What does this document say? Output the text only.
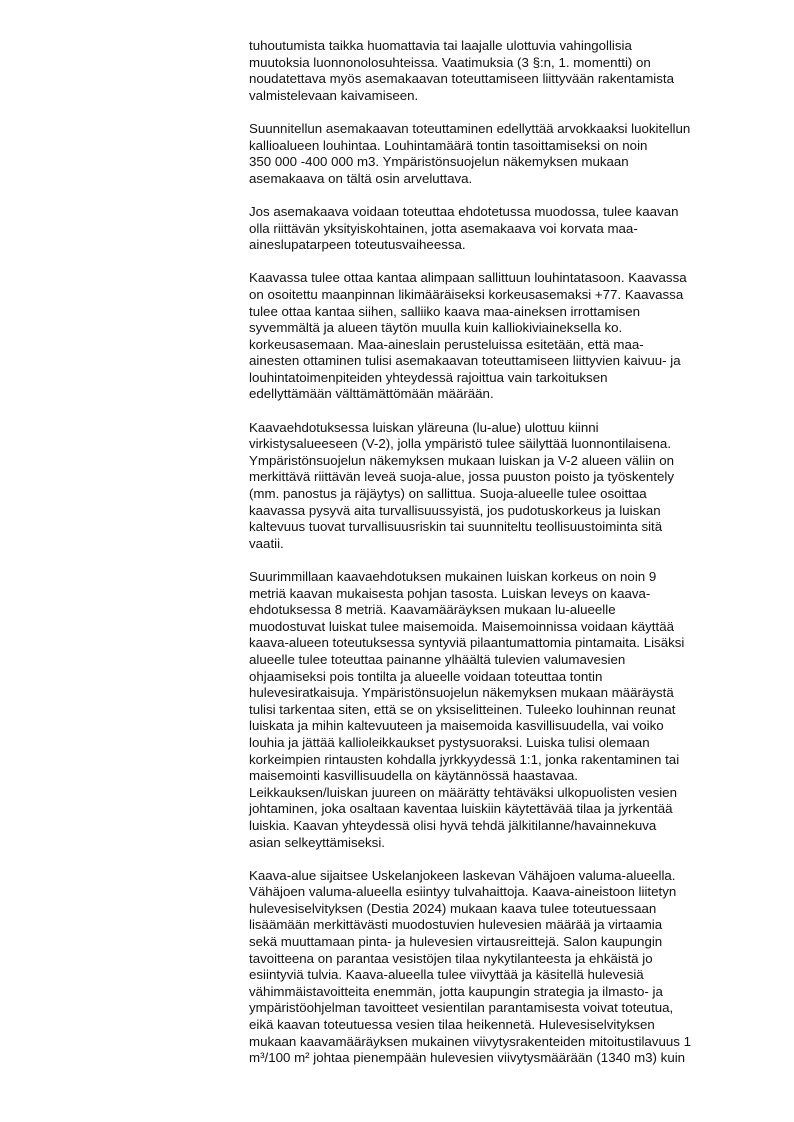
tuhoutumista taikka huomattavia tai laajalle ulottuvia vahingollisia
muutoksia luonnonolosuhteissa. Vaatimuksia (3 §:n, 1. momentti) on
noudatettava myös asemakaavan toteuttamiseen liittyvään rakentamista
valmistelevaan kaivamiseen.
Suunnitellun asemakaavan toteuttaminen edellyttää arvokkaaksi luokitellun
kallioalueen louhintaa. Louhintamäärä tontin tasoittamiseksi on noin
350 000 -400 000 m3. Ympäristönsuojelun näkemyksen mukaan
asemakaava on tältä osin arveluttava.
Jos asemakaava voidaan toteuttaa ehdotetussa muodossa, tulee kaavan
olla riittävän yksityiskohtainen, jotta asemakaava voi korvata maa-
aineslupatarpeen toteutusvaiheessa.
Kaavassa tulee ottaa kantaa alimpaan sallittuun louhintatasoon. Kaavassa
on osoitettu maanpinnan likimääräiseksi korkeusasemaksi +77. Kaavassa
tulee ottaa kantaa siihen, salliiko kaava maa-aineksen irrottamisen
syvemmältä ja alueen täytön muulla kuin kalliokiviaineksella ko.
korkeusasemaan. Maa-aineslain perusteluissa esitetään, että maa-
ainesten ottaminen tulisi asemakaavan toteuttamiseen liittyvien kaivuu- ja
louhintatoimenpiteiden yhteydessä rajoittua vain tarkoituksen
edellyttämään välttämättömään määrään.
Kaavaehdotuksessa luiskan yläreuna (lu-alue) ulottuu kiinni
virkistysalueeseen (V-2), jolla ympäristö tulee säilyttää luonnontilaisena.
Ympäristönsuojelun näkemyksen mukaan luiskan ja V-2 alueen väliin on
merkittävä riittävän leveä suoja-alue, jossa puuston poisto ja työskentely
(mm. panostus ja räjäytys) on sallittua. Suoja-alueelle tulee osoittaa
kaavassa pysyvä aita turvallisuussyistä, jos pudotuskorkeus ja luiskan
kaltevuus tuovat turvallisuusriskin tai suunniteltu teollisuustoiminta sitä
vaatii.
Suurimmillaan kaavaehdotuksen mukainen luiskan korkeus on noin 9
metriä kaavan mukaisesta pohjan tasosta. Luiskan leveys on kaava-
ehdotuksessa 8 metriä. Kaavamääräyksen mukaan lu-alueelle
muodostuvat luiskat tulee maisemoida. Maisemoinnissa voidaan käyttää
kaava-alueen toteutuksessa syntyviä pilaantumattomia pintamaita. Lisäksi
alueelle tulee toteuttaa painanne ylhäältä tulevien valumavesien
ohjaamiseksi pois tontilta ja alueelle voidaan toteuttaa tontin
hulevesiratkaisuja. Ympäristönsuojelun näkemyksen mukaan määräystä
tulisi tarkentaa siten, että se on yksiselitteinen. Tuleeko louhinnan reunat
luiskata ja mihin kaltevuuteen ja maisemoida kasvillisuudella, vai voiko
louhia ja jättää kallioleikkaukset pystysuoraksi. Luiska tulisi olemaan
korkeimpien rintausten kohdalla jyrkkyydessä 1:1, jonka rakentaminen tai
maisemointi kasvillisuudella on käytännössä haastavaa.
Leikkauksen/luiskan juureen on määrätty tehtäväksi ulkopuolisten vesien
johtaminen, joka osaltaan kaventaa luiskiin käytettävää tilaa ja jyrkentää
luiskia. Kaavan yhteydessä olisi hyvä tehdä jälkitilanne/havainnekuva
asian selkeyttämiseksi.
Kaava-alue sijaitsee Uskelanjokeen laskevan Vähäjoen valuma-alueella.
Vähäjoen valuma-alueella esiintyy tulvahaittoja. Kaava-aineistoon liitetyn
hulevesiselvityksen (Destia 2024) mukaan kaava tulee toteutuessaan
lisäämään merkittävästi muodostuvien hulevesien määrää ja virtaamia
sekä muuttamaan pinta- ja hulevesien virtausreittejä. Salon kaupungin
tavoitteena on parantaa vesistöjen tilaa nykytilanteesta ja ehkäistä jo
esiintyviä tulvia. Kaava-alueella tulee viivyttää ja käsitellä hulevesiä
vähimmäistavoitteita enemmän, jotta kaupungin strategia ja ilmasto- ja
ympäristöohjelman tavoitteet vesientilan parantamisesta voivat toteutua,
eikä kaavan toteutuessa vesien tilaa heikennetä. Hulevesiselvityksen
mukaan kaavamääräyksen mukainen viivytysrakenteiden mitoitustilavuus 1
m³/100 m² johtaa pienempään hulevesien viivytysmäärään (1340 m3) kuin
